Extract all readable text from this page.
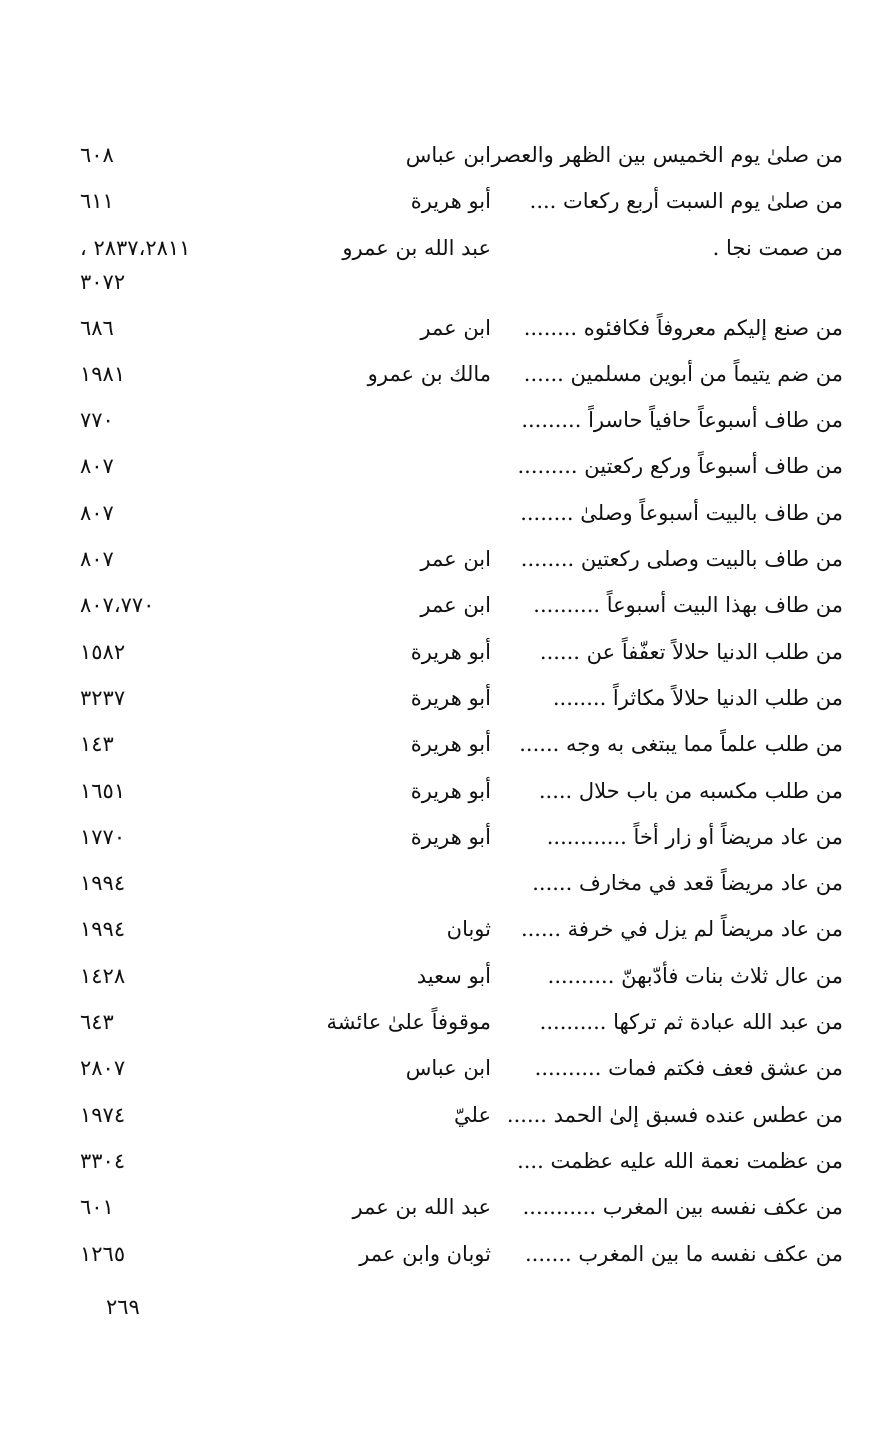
من صلىٰ يوم الخميس بين الظهر والعصر
ابن عباس
٦٠٨
من صلىٰ يوم السبت أربع ركعات ....
أبو هريرة
٦١١
من صمت نجا .
عبد الله بن عمرو
٢٨٣٧،٢٨١١ ،
٣٠٧٢
من صنع إليكم معروفاً فكافئوه ........
ابن عمر
٦٨٦
من ضم يتيماً من أبوين مسلمين ......
مالك بن عمرو
١٩٨١
من طاف أسبوعاً حافياً حاسراً .........
٧٧٠
من طاف أسبوعاً وركع ركعتين .........
٨٠٧
من طاف بالبيت أسبوعاً وصلىٰ ........
٨٠٧
من طاف بالبيت وصلى ركعتين ........
ابن عمر
٨٠٧
من طاف بهذا البيت أسبوعاً ..........
ابن عمر
٨٠٧،٧٧٠
من طلب الدنيا حلالاً تعفّفاً عن ......
أبو هريرة
١٥٨٢
من طلب الدنيا حلالاً مكاثراً ........
أبو هريرة
٣٢٣٧
من طلب علماً مما يبتغى به وجه ......
أبو هريرة
١٤٣
من طلب مكسبه من باب حلال .....
أبو هريرة
١٦٥١
من عاد مريضاً أو زار أخاً ............
أبو هريرة
١٧٧٠
من عاد مريضاً قعد في مخارف ......
١٩٩٤
من عاد مريضاً لم يزل في خرفة ......
ثوبان
١٩٩٤
من عال ثلاث بنات فأدّبهنّ ..........
أبو سعيد
١٤٢٨
من عبد الله عبادة ثم تركها ..........
موقوفاً علىٰ عائشة
٦٤٣
من عشق فعف فكتم فمات ..........
ابن عباس
٢٨٠٧
من عطس عنده فسبق إلىٰ الحمد ......
عليّ
١٩٧٤
من عظمت نعمة الله عليه عظمت ....
٣٣٠٤
من عكف نفسه بين المغرب ...........
عبد الله بن عمر
٦٠١
من عكف نفسه ما بين المغرب .......
ثوبان وابن عمر
١٢٦٥
٢٦٩
